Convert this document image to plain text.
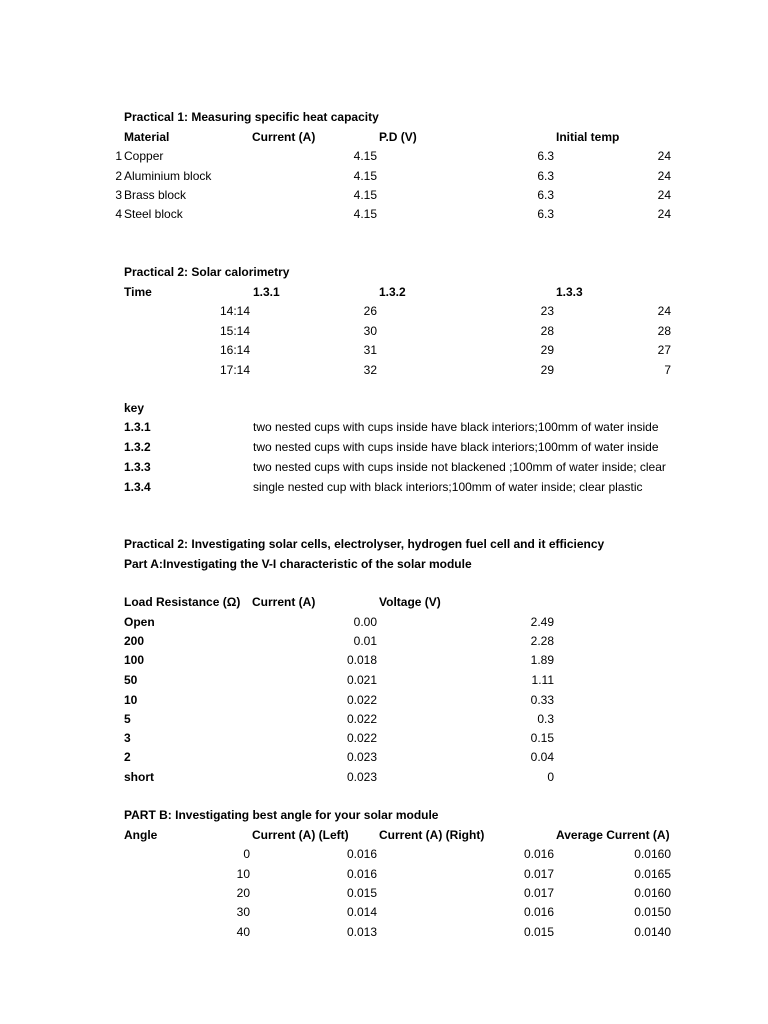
Practical 1: Measuring specific heat capacity
Material	Current (A)	P.D (V)	Initial temp
1 Copper	4.15	6.3	24
2 Aluminium block	4.15	6.3	24
3 Brass block	4.15	6.3	24
4 Steel block	4.15	6.3	24
Practical 2: Solar calorimetry
Time	1.3.1	1.3.2	1.3.3
14:14	26	23	24
15:14	30	28	28
16:14	31	29	27
17:14	32	29	7
key
1.3.1	two nested cups with cups inside have black interiors;100mm of water inside
1.3.2	two nested cups with cups inside have black interiors;100mm of water inside
1.3.3	two nested cups with cups inside not blackened ;100mm of water inside; clear
1.3.4	single nested cup with black interiors;100mm of water inside; clear plastic
Practical 2: Investigating solar cells, electrolyser, hydrogen fuel cell and it efficiency
Part A:Investigating the V-I characteristic of the solar module
Load Resistance (Ω) Current (A)	Voltage (V)
Open	0.00	2.49
200	0.01	2.28
100	0.018	1.89
50	0.021	1.11
10	0.022	0.33
5	0.022	0.3
3	0.022	0.15
2	0.023	0.04
short	0.023	0
PART B: Investigating best angle for your solar module
Angle	Current (A) (Left)	Current (A) (Right)	Average Current (A)
0	0.016	0.016	0.0160
10	0.016	0.017	0.0165
20	0.015	0.017	0.0160
30	0.014	0.016	0.0150
40	0.013	0.015	0.0140
